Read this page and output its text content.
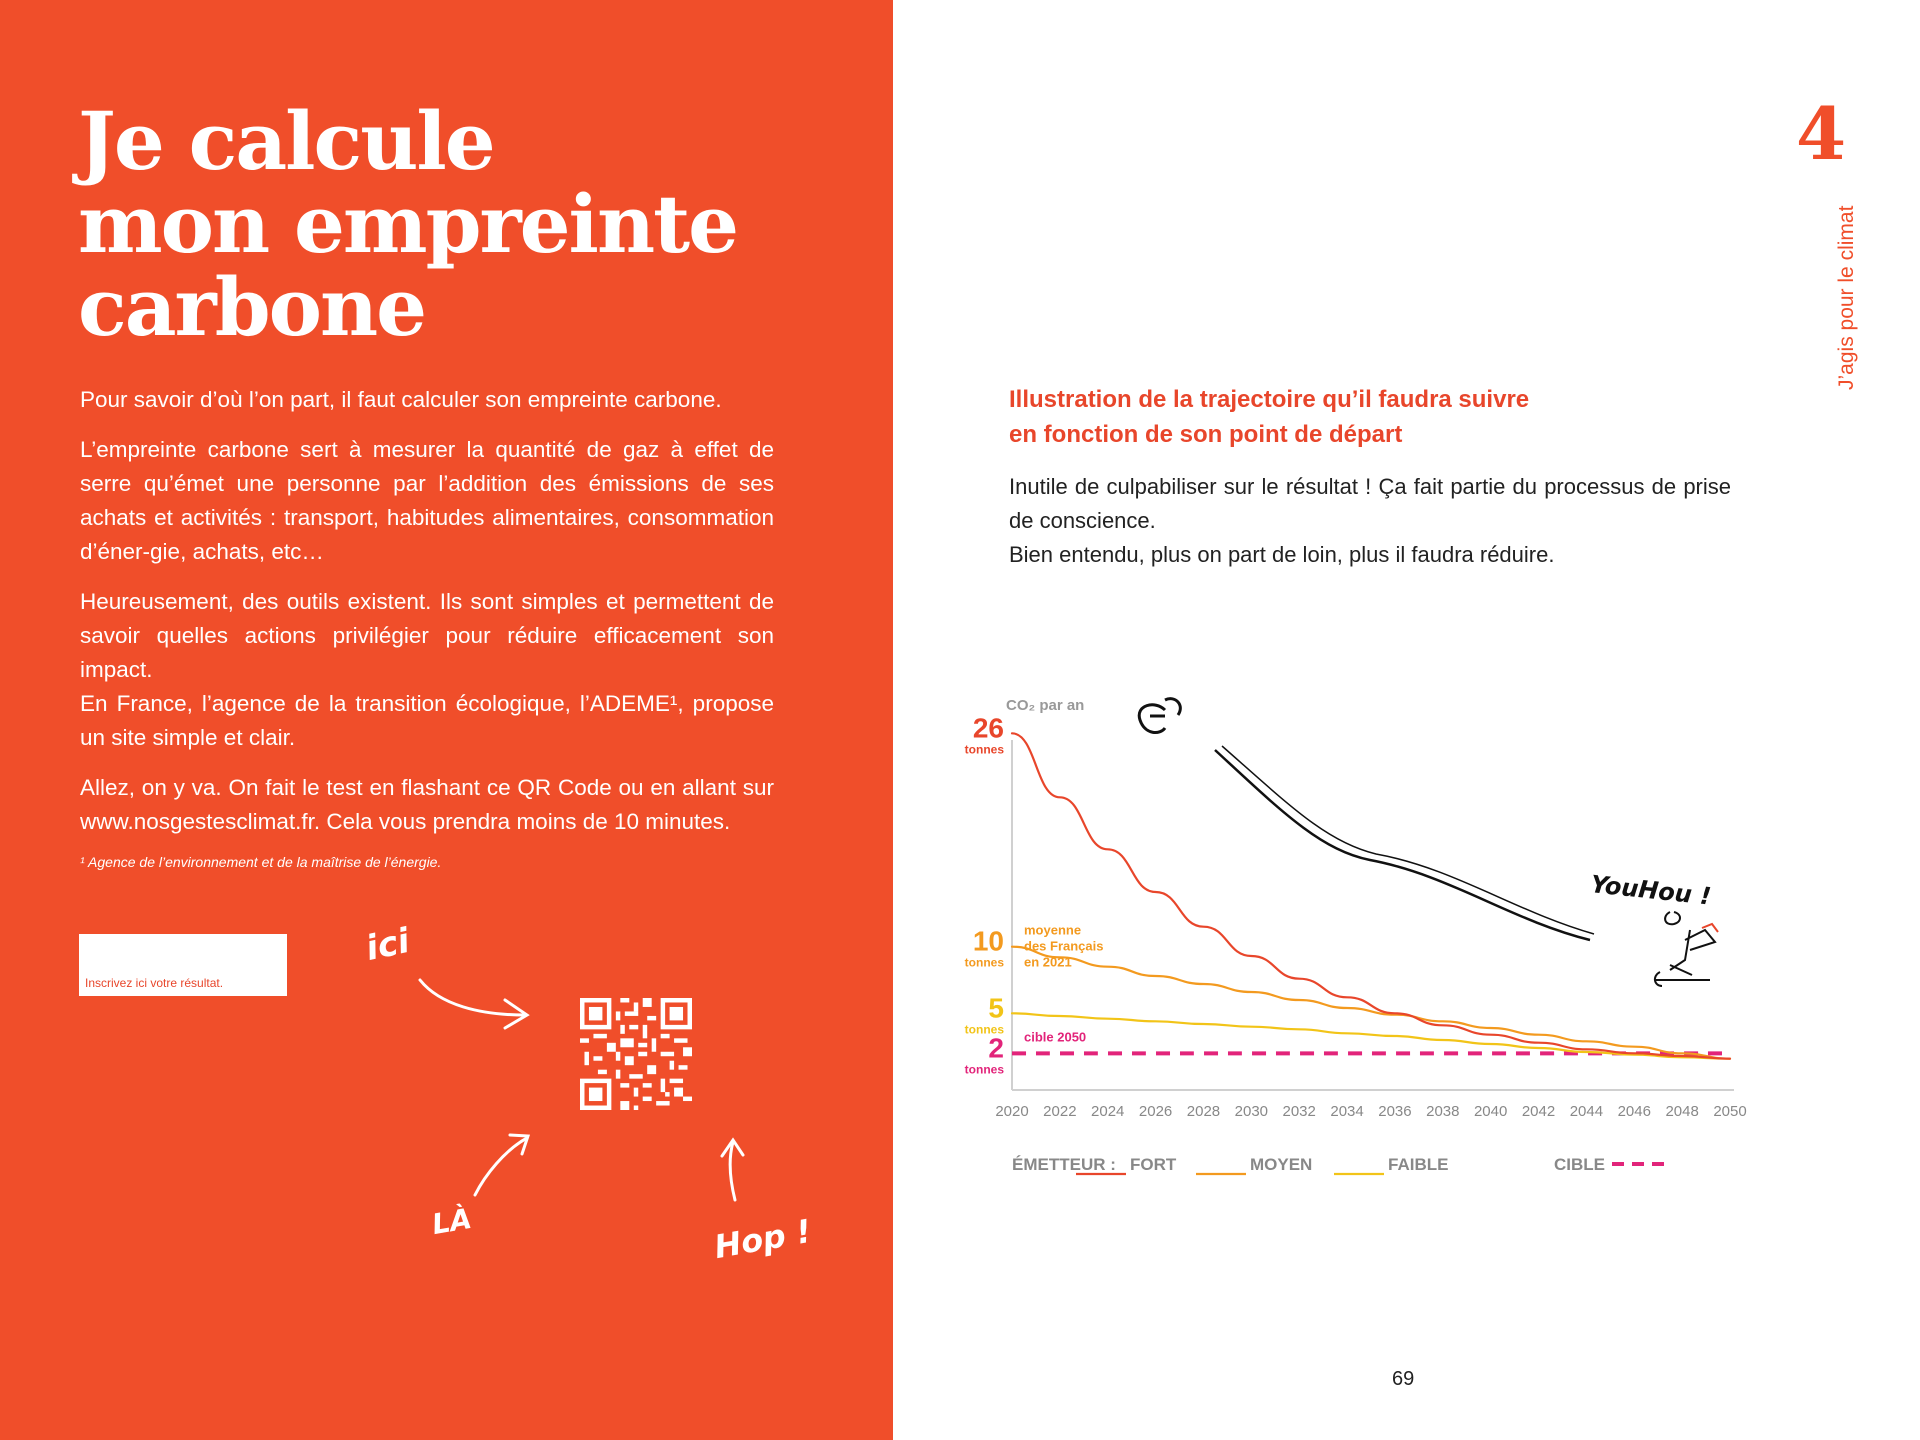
Je calcule
mon empreinte
carbone

Pour savoir d’où l’on part, il faut calculer son empreinte carbone.

L’empreinte carbone sert à mesurer la quantité de gaz à effet de serre qu’émet une personne par l’addition des émissions de ses achats et activités : transport, habitudes alimentaires, consommation d’éner-gie, achats, etc…

Heureusement, des outils existent. Ils sont simples et permettent de savoir quelles actions privilégier pour réduire efficacement son impact.

En France, l’agence de la transition écologique, l’ADEME¹, propose un site simple et clair.

Allez, on y va. On fait le test en flashant ce QR Code ou en allant sur www.nosgestesclimat.fr. Cela vous prendra moins de 10 minutes.

¹ Agence de l’environnement et de la maîtrise de l’énergie.

Inscrivez ici votre résultat.
ici
LÀ	Hop !
4
J’agis pour le climat
Illustration de la trajectoire qu’il faudra suivre
en fonction de son point de départ

Inutile de culpabiliser sur le résultat ! Ça fait partie du processus de prise de conscience.

Bien entendu, plus on part de loin, plus il faudra réduire.

CO₂ par an
26
tonnes
10
tonnes
5
tonnes
2
tonnes
2020 2022 2024 2026 2028 2030 2032 2034 2036 2038 2040 2042 2044 2046 2048 2050
moyenne
des Français
en 2021
cible 2050
YouHou !
ÉMETTEUR : FORT	MOYEN	FAIBLE	CIBLE
69
